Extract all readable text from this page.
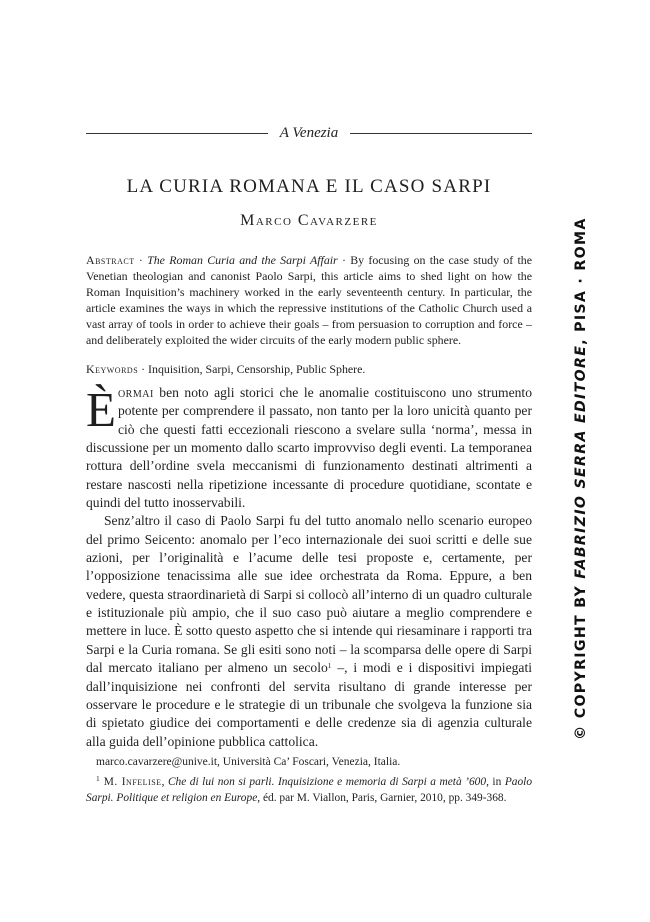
A Venezia
LA CURIA ROMANA E IL CASO SARPI
Marco Cavarzere

Abstract · The Roman Curia and the Sarpi Affair · By focusing on the case study of the Venetian theologian and canonist Paolo Sarpi, this article aims to shed light on how the Roman Inquisition’s machinery worked in the early seventeenth century. In particular, the article examines the ways in which the repressive institutions of the Catholic Church used a vast array of tools in order to achieve their goals – from persuasion to corruption and force – and deliberately exploited the wider circuits of the early modern public sphere.

Keywords · Inquisition, Sarpi, Censorship, Public Sphere.

Èormai ben noto agli storici che le anomalie costituiscono uno strumento potente per comprendere il passato, non tanto per la loro unicità quanto per ciò che questi fatti eccezionali riescono a svelare sulla ‘norma’, messa in discussione per un momento dallo scarto improvviso degli eventi. La temporanea rottura dell’ordine svela meccanismi di funzionamento destinati altrimenti a restare nascosti nella ripetizione incessante di procedure quotidiane, scontate e quindi del tutto inosservabili.

Senz’altro il caso di Paolo Sarpi fu del tutto anomalo nello scenario europeo del primo Seicento: anomalo per l’eco internazionale dei suoi scritti e delle sue azioni, per l’originalità e l’acume delle tesi proposte e, certamente, per l’opposizione tenacissima alle sue idee orchestrata da Roma. Eppure, a ben vedere, questa straordinarietà di Sarpi si collocò all’interno di un quadro culturale e istituzionale più ampio, che il suo caso può aiutare a meglio comprendere e mettere in luce. È sotto questo aspetto che si intende qui riesaminare i rapporti tra Sarpi e la Curia romana. Se gli esiti sono noti – la scomparsa delle opere di Sarpi dal mercato italiano per almeno un secolo$^1$ –, i modi e i dispositivi impiegati dall’inquisizione nei confronti del servita risultano di grande interesse per osservare le procedure e le strategie di un tribunale che svolgeva la funzione sia di spietato giudice dei comportamenti e delle credenze sia di agenzia culturale alla guida dell’opinione pubblica cattolica.

marco.cavarzere@unive.it, Università Ca’ Foscari, Venezia, Italia.

$^1$ M. Infelise, Che di lui non si parli. Inquisizione e memoria di Sarpi a metà ’600, in Paolo Sarpi. Politique et religion en Europe, éd. par M. Viallon, Paris, Garnier, 2010, pp. 349-368.

© COPYRIGHT BY FABRIZIO SERRA EDITORE, PISA · ROMA
